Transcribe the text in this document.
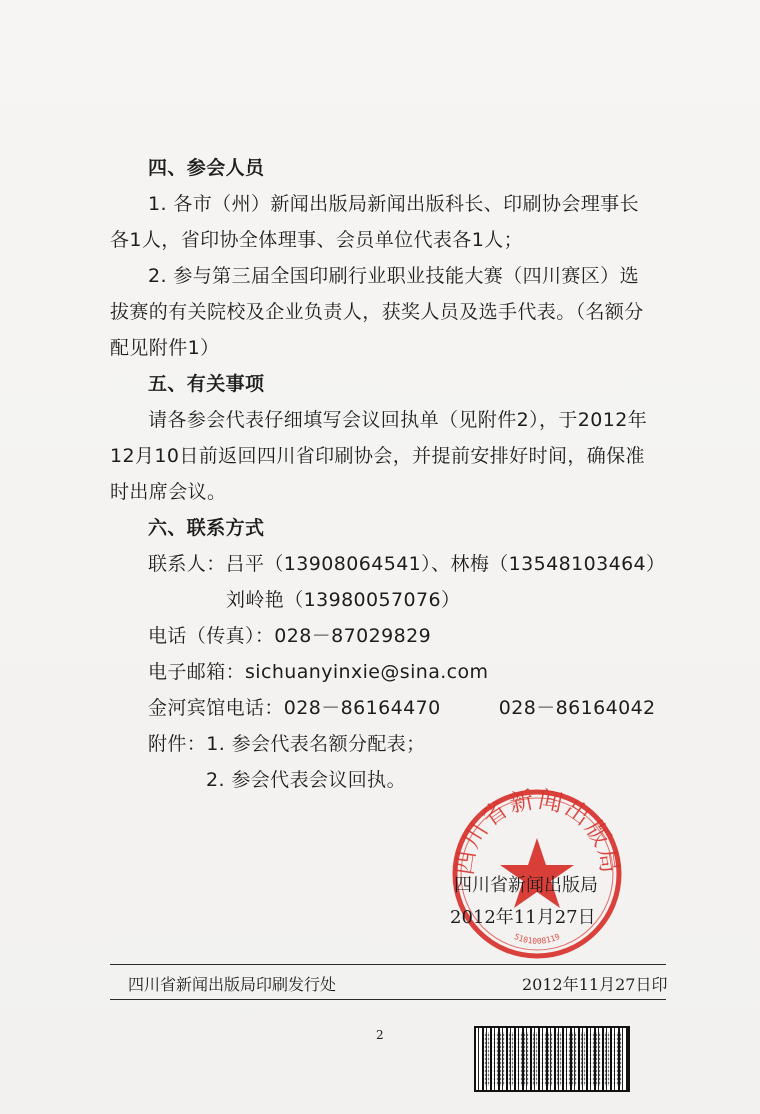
四、参会人员
1. 各市（州）新闻出版局新闻出版科长、印刷协会理事长
各1人，省印协全体理事、会员单位代表各1人；
2. 参与第三届全国印刷行业职业技能大赛（四川赛区）选
拔赛的有关院校及企业负责人，获奖人员及选手代表。（名额分
配见附件1）
五、有关事项
请各参会代表仔细填写会议回执单（见附件2），于2012年
12月10日前返回四川省印刷协会，并提前安排好时间，确保准
时出席会议。
六、联系方式
联系人：吕平（13908064541）、林梅（13548103464）
刘岭艳（13980057076）
电话（传真）：028－87029829
电子邮箱：sichuanyinxie@sina.com
金河宾馆电话：028－86164470　　　028－86164042
附件：1. 参会代表名额分配表；
2. 参会代表会议回执。
四川省新闻出版局
5101008119
四川省新闻出版局
2012年11月27日
四川省新闻出版局印刷发行处	2012年11月27日印
2
